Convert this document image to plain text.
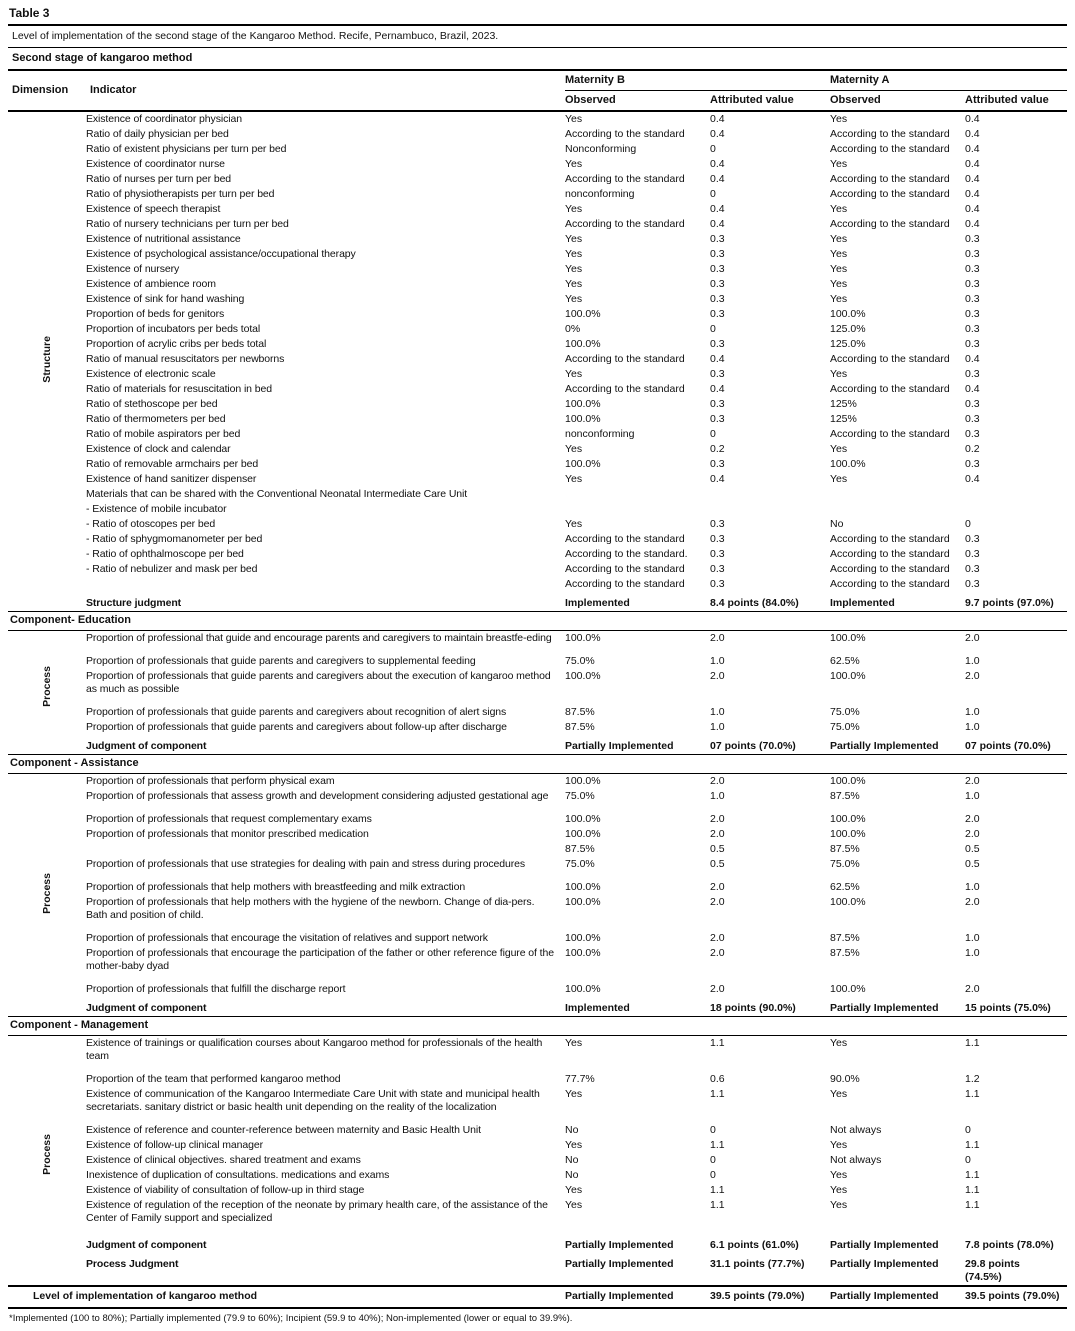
Table 3
Level of implementation of the second stage of the Kangaroo Method. Recife, Pernambuco, Brazil, 2023.
Second stage of kangaroo method
Dimension	Indicator	Maternity B		Maternity A	
		Observed	Attributed value	Observed	Attributed value
Structure	Existence of coordinator physician	Yes	0.4	Yes	0.4
	Ratio of daily physician per bed	According to the standard	0.4	According to the standard	0.4
	Ratio of existent physicians per turn per bed	Nonconforming	0	According to the standard	0.4
	Existence of coordinator nurse	Yes	0.4	Yes	0.4
	Ratio of nurses per turn per bed	According to the standard	0.4	According to the standard	0.4
	Ratio of physiotherapists per turn per bed	nonconforming	0	According to the standard	0.4
	Existence of speech therapist	Yes	0.4	Yes	0.4
	Ratio of nursery technicians per turn per bed	According to the standard	0.4	According to the standard	0.4
	Existence of nutritional assistance	Yes	0.3	Yes	0.3
	Existence of psychological assistance/occupational therapy	Yes	0.3	Yes	0.3
	Existence of nursery	Yes	0.3	Yes	0.3
	Existence of ambience room	Yes	0.3	Yes	0.3
	Existence of sink for hand washing	Yes	0.3	Yes	0.3
	Proportion of beds for genitors	100.0%	0.3	100.0%	0.3
	Proportion of incubators per beds total	0%	0	125.0%	0.3
	Proportion of acrylic cribs per beds total	100.0%	0.3	125.0%	0.3
	Ratio of manual resuscitators per newborns	According to the standard	0.4	According to the standard	0.4
	Existence of electronic scale	Yes	0.3	Yes	0.3
	Ratio of materials for resuscitation in bed	According to the standard	0.4	According to the standard	0.4
	Ratio of stethoscope per bed	100.0%	0.3	125%	0.3
	Ratio of thermometers per bed	100.0%	0.3	125%	0.3
	Ratio of mobile aspirators per bed	nonconforming	0	According to the standard	0.3
	Existence of clock and calendar	Yes	0.2	Yes	0.2
	Ratio of removable armchairs per bed	100.0%	0.3	100.0%	0.3
	Existence of hand sanitizer dispenser	Yes	0.4	Yes	0.4
	Materials that can be shared with the Conventional Neonatal Intermediate Care Unit				
	- Existence of mobile incubator				
	- Ratio of otoscopes per bed	Yes	0.3	No	0
	- Ratio of sphygmomanometer per bed	According to the standard	0.3	According to the standard	0.3
	- Ratio of ophthalmoscope per bed	According to the standard.	0.3	According to the standard	0.3
	- Ratio of nebulizer and mask per bed	According to the standard	0.3	According to the standard	0.3
		According to the standard	0.3	According to the standard	0.3
	Structure judgment	Implemented	8.4 points (84.0%)	Implemented	9.7 points (97.0%)
Component- Education					
Process	Proportion of professional that guide and encourage parents and caregivers to maintain breastfe-eding	100.0%	2.0	100.0%	2.0
	Proportion of professionals that guide parents and caregivers to supplemental feeding	75.0%	1.0	62.5%	1.0
	Proportion of professionals that guide parents and caregivers about the execution of kangaroo method as much as possible	100.0%	2.0	100.0%	2.0
	Proportion of professionals that guide parents and caregivers about recognition of alert signs	87.5%	1.0	75.0%	1.0
	Proportion of professionals that guide parents and caregivers about follow-up after discharge	87.5%	1.0	75.0%	1.0
	Judgment of component	Partially Implemented	07 points (70.0%)	Partially Implemented	07 points (70.0%)
Component - Assistance					
Process	Proportion of professionals that perform physical exam	100.0%	2.0	100.0%	2.0
	Proportion of professionals that assess growth and development considering adjusted gestational age	75.0%	1.0	87.5%	1.0
	Proportion of professionals that request complementary exams	100.0%	2.0	100.0%	2.0
	Proportion of professionals that monitor prescribed medication	100.0%	2.0	100.0%	2.0
		87.5%	0.5	87.5%	0.5
	Proportion of professionals that use strategies for dealing with pain and stress during procedures	75.0%	0.5	75.0%	0.5
	Proportion of professionals that help mothers with breastfeeding and milk extraction	100.0%	2.0	62.5%	1.0
	Proportion of professionals that help mothers with the hygiene of the newborn. Change of dia-pers. Bath and position of child.	100.0%	2.0	100.0%	2.0
	Proportion of professionals that encourage the visitation of relatives and support network	100.0%	2.0	87.5%	1.0
	Proportion of professionals that encourage the participation of the father or other reference figure of the mother-baby dyad	100.0%	2.0	87.5%	1.0
	Proportion of professionals that fulfill the discharge report	100.0%	2.0	100.0%	2.0
	Judgment of component	Implemented	18 points (90.0%)	Partially Implemented	15 points (75.0%)
Component - Management					
Process	Existence of trainings or qualification courses about Kangaroo method for professionals of the health team	Yes	1.1	Yes	1.1
	Proportion of the team that performed kangaroo method	77.7%	0.6	90.0%	1.2
	Existence of communication of the Kangaroo Intermediate Care Unit with state and municipal health secretariats. sanitary district or basic health unit depending on the reality of the localization	Yes	1.1	Yes	1.1
	Existence of reference and counter-reference between maternity and Basic Health Unit	No	0	Not always	0
	Existence of follow-up clinical manager	Yes	1.1	Yes	1.1
	Existence of clinical objectives. shared treatment and exams	No	0	Not always	0
	Inexistence of duplication of consultations. medications and exams	No	0	Yes	1.1
	Existence of viability of consultation of follow-up in third stage	Yes	1.1	Yes	1.1
	Existence of regulation of the reception of the neonate by primary health care, of the assistance of the Center of Family support and specialized	Yes	1.1	Yes	1.1
	Judgment of component	Partially Implemented	6.1 points (61.0%)	Partially Implemented	7.8 points (78.0%)
	Process Judgment	Partially Implemented	31.1 points (77.7%)	Partially Implemented	29.8 points (74.5%)
Level of implementation of kangaroo method		Partially Implemented	39.5 points (79.0%)	Partially Implemented	39.5 points (79.0%)
*Implemented (100 to 80%); Partially implemented (79.9 to 60%); Incipient (59.9 to 40%); Non-implemented (lower or equal to 39.9%).
